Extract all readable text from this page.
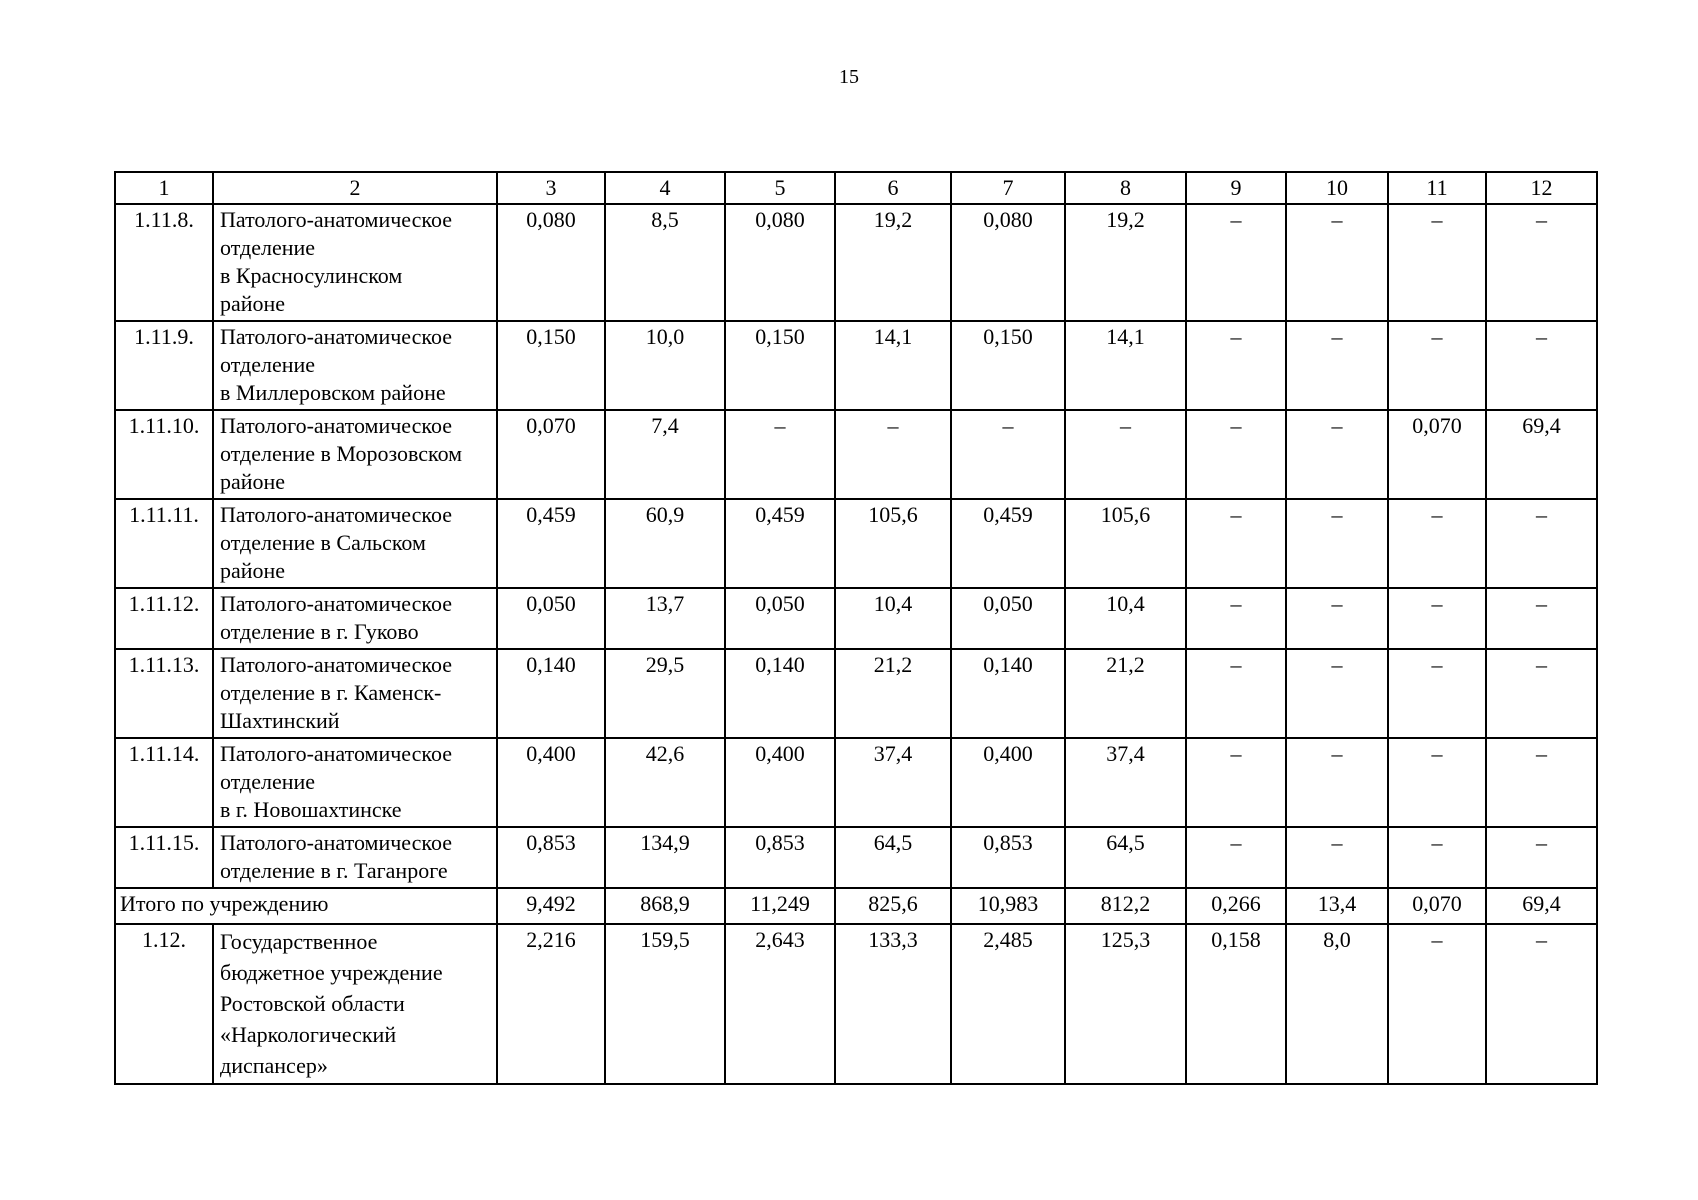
15
1	2	3	4	5	6	7	8	9	10	11	12
1.11.8.	Патолого-анатомическое
отделение
в Красносулинском
районе	0,080	8,5	0,080	19,2	0,080	19,2	–	–	–	–
1.11.9.	Патолого-анатомическое
отделение
в Миллеровском районе	0,150	10,0	0,150	14,1	0,150	14,1	–	–	–	–
1.11.10.	Патолого-анатомическое
отделение в Морозовском
районе	0,070	7,4	–	–	–	–	–	–	0,070	69,4
1.11.11.	Патолого-анатомическое
отделение в Сальском
районе	0,459	60,9	0,459	105,6	0,459	105,6	–	–	–	–
1.11.12.	Патолого-анатомическое
отделение в г. Гуково	0,050	13,7	0,050	10,4	0,050	10,4	–	–	–	–
1.11.13.	Патолого-анатомическое
отделение в г. Каменск-
Шахтинский	0,140	29,5	0,140	21,2	0,140	21,2	–	–	–	–
1.11.14.	Патолого-анатомическое
отделение
в г. Новошахтинске	0,400	42,6	0,400	37,4	0,400	37,4	–	–	–	–
1.11.15.	Патолого-анатомическое
отделение в г. Таганроге	0,853	134,9	0,853	64,5	0,853	64,5	–	–	–	–
Итого по учреждению		9,492	868,9	11,249	825,6	10,983	812,2	0,266	13,4	0,070	69,4
1.12.	Государственное
бюджетное учреждение
Ростовской области
«Наркологический
диспансер»	2,216	159,5	2,643	133,3	2,485	125,3	0,158	8,0	–	–
